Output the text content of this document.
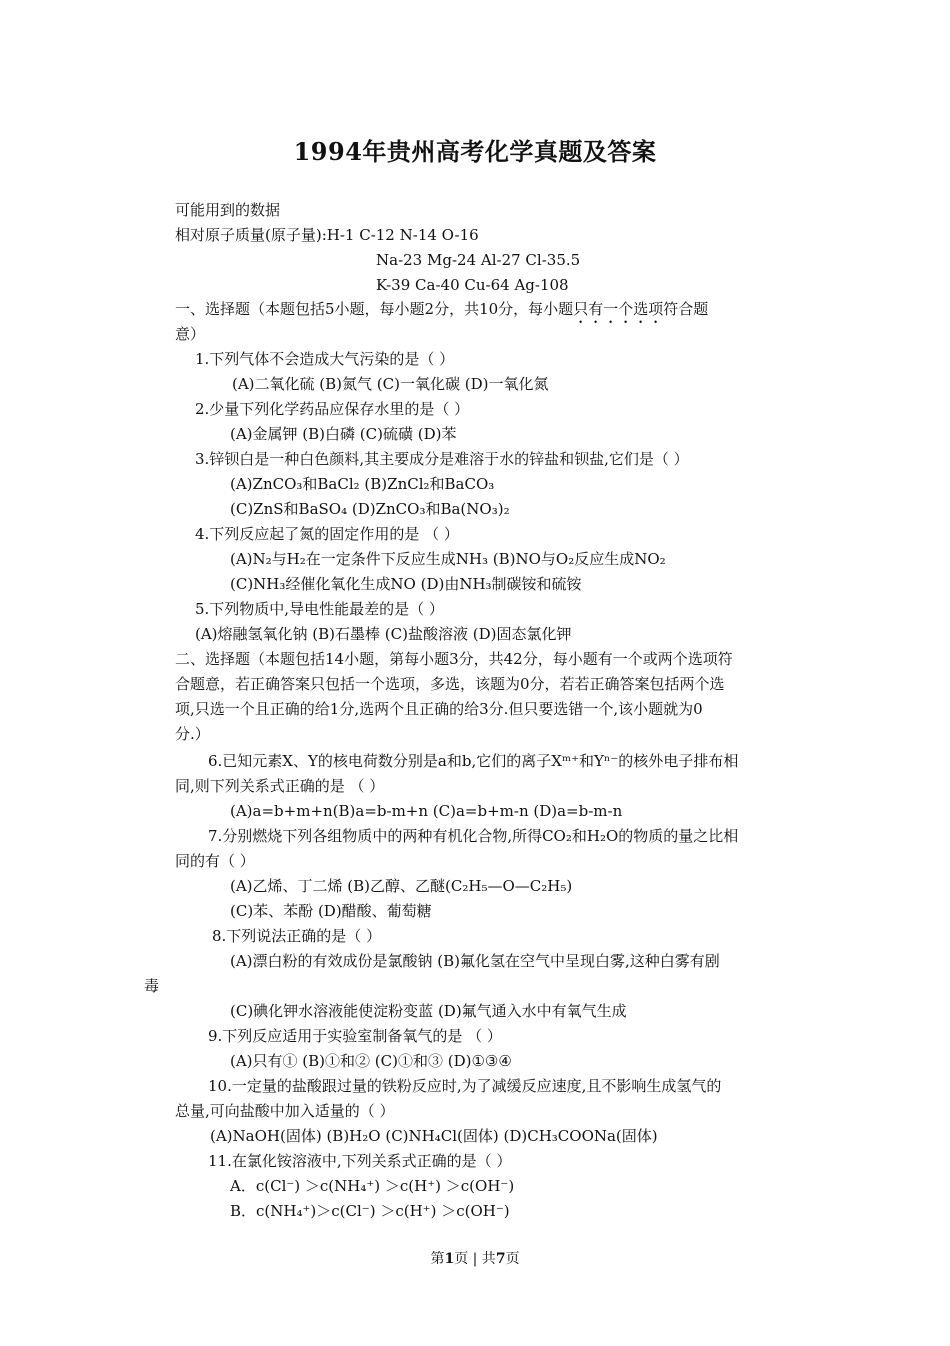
1994年贵州高考化学真题及答案
可能用到的数据
相对原子质量(原子量):H-1 C-12 N-14 O-16
Na-23 Mg-24 Al-27 Cl-35.5
K-39 Ca-40 Cu-64 Ag-108
一、选择题（本题包括5小题，每小题2分，共10分，每小题只有一个选项符合题
意）
1.下列气体不会造成大气污染的是（ ）
(A)二氧化硫 (B)氮气 (C)一氧化碳 (D)一氧化氮
2.少量下列化学药品应保存水里的是（ ）
(A)金属钾 (B)白磷 (C)硫磺 (D)苯
3.锌钡白是一种白色颜料,其主要成分是难溶于水的锌盐和钡盐,它们是（ ）
(A)ZnCO₃和BaCl₂ (B)ZnCl₂和BaCO₃
(C)ZnS和BaSO₄ (D)ZnCO₃和Ba(NO₃)₂
4.下列反应起了氮的固定作用的是 （ ）
(A)N₂与H₂在一定条件下反应生成NH₃ (B)NO与O₂反应生成NO₂
(C)NH₃经催化氧化生成NO (D)由NH₃制碳铵和硫铵
5.下列物质中,导电性能最差的是（ ）
(A)熔融氢氧化钠 (B)石墨棒 (C)盐酸溶液 (D)固态氯化钾
二、选择题（本题包括14小题，第每小题3分，共42分，每小题有一个或两个选项符
合题意，若正确答案只包括一个选项，多选，该题为0分，若若正确答案包括两个选
项,只选一个且正确的给1分,选两个且正确的给3分.但只要选错一个,该小题就为0
分.）
6.已知元素X、Y的核电荷数分别是a和b,它们的离子Xᵐ⁺和Yⁿ⁻的核外电子排布相
同,则下列关系式正确的是 （ ）
(A)a=b+m+n(B)a=b-m+n (C)a=b+m-n (D)a=b-m-n
7.分别燃烧下列各组物质中的两种有机化合物,所得CO₂和H₂O的物质的量之比相
同的有（ ）
(A)乙烯、丁二烯 (B)乙醇、乙醚(C₂H₅—O—C₂H₅)
(C)苯、苯酚 (D)醋酸、葡萄糖
8.下列说法正确的是（ ）
(A)漂白粉的有效成份是氯酸钠 (B)氟化氢在空气中呈现白雾,这种白雾有剧
毒
(C)碘化钾水溶液能使淀粉变蓝 (D)氟气通入水中有氧气生成
9.下列反应适用于实验室制备氧气的是 （ ）
(A)只有① (B)①和② (C)①和③ (D)①③④
10.一定量的盐酸跟过量的铁粉反应时,为了减缓反应速度,且不影响生成氢气的
总量,可向盐酸中加入适量的（ ）
(A)NaOH(固体) (B)H₂O (C)NH₄Cl(固体) (D)CH₃COONa(固体)
11.在氯化铵溶液中,下列关系式正确的是（ ）
A．c(Cl⁻) ＞c(NH₄⁺) ＞c(H⁺) ＞c(OH⁻)
B．c(NH₄⁺)＞c(Cl⁻) ＞c(H⁺) ＞c(OH⁻)
第1页 | 共7页
